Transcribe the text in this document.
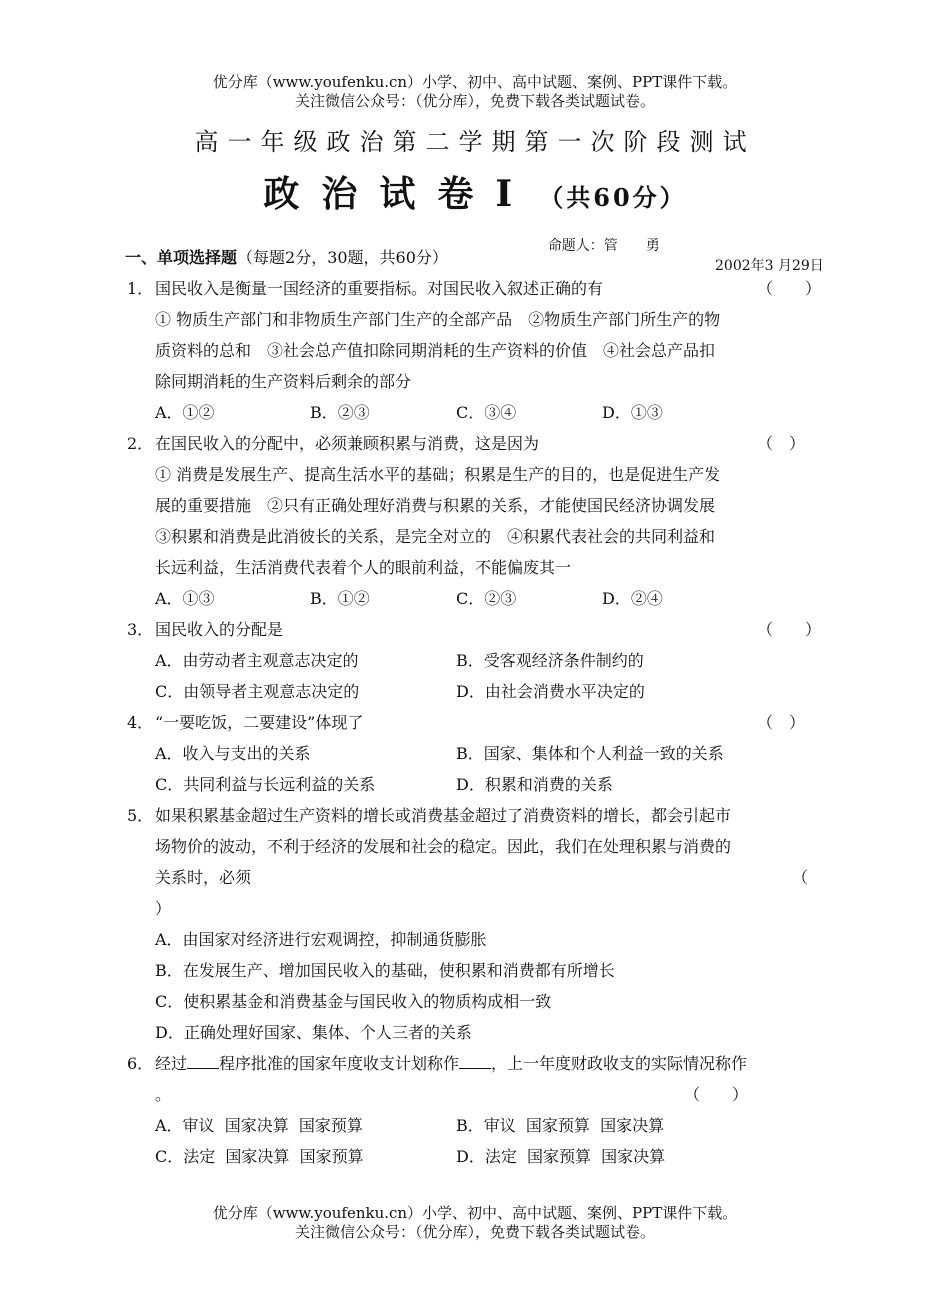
优分库（www.youfenku.cn）小学、初中、高中试题、案例、PPT课件下载。
关注微信公众号：（优分库），免费下载各类试题试卷。
高一年级政治第二学期第一次阶段测试
政治试卷Ⅰ （共60分）

命题人：管　　勇

2002年3 月29日

一、单项选择题（每题2分，30题，共60分）
1． 国民收入是衡量一国经济的重要指标。对国民收入叙述正确的有	（　　）
① 物质生产部门和非物质生产部门生产的全部产品　②物质生产部门所生产的物
质资料的总和　③社会总产值扣除同期消耗的生产资料的价值　④社会总产品扣
除同期消耗的生产资料后剩余的部分
A．①②	B．②③	C．③④	D．①③
2． 在国民收入的分配中，必须兼顾积累与消费，这是因为	（　）
① 消费是发展生产、提高生活水平的基础；积累是生产的目的，也是促进生产发
展的重要措施　②只有正确处理好消费与积累的关系，才能使国民经济协调发展
③积累和消费是此消彼长的关系，是完全对立的　④积累代表社会的共同利益和
长远利益，生活消费代表着个人的眼前利益，不能偏废其一
A．①③	B．①②	C．②③	D．②④
3． 国民收入的分配是	（　　）
A．由劳动者主观意志决定的	B．受客观经济条件制约的
C．由领导者主观意志决定的	D．由社会消费水平决定的
4． “一要吃饭，二要建设”体现了	（　）
A．收入与支出的关系	B．国家、集体和个人利益一致的关系
C．共同利益与长远利益的关系	D．积累和消费的关系
5． 如果积累基金超过生产资料的增长或消费基金超过了消费资料的增长，都会引起市
场物价的波动，不利于经济的发展和社会的稳定。因此，我们在处理积累与消费的
关系时，必须	（
）
A．由国家对经济进行宏观调控，抑制通货膨胀
B．在发展生产、增加国民收入的基础，使积累和消费都有所增长
C．使积累基金和消费基金与国民收入的物质构成相一致
D．正确处理好国家、集体、个人三者的关系
6． 经过 程序批准的国家年度收支计划称作 ，上一年度财政收支的实际情况称作
。	（　　）
A．审议  国家决算  国家预算	B．审议  国家预算  国家决算
C．法定  国家决算  国家预算	D．法定  国家预算  国家决算
优分库（www.youfenku.cn）小学、初中、高中试题、案例、PPT课件下载。
关注微信公众号：（优分库），免费下载各类试题试卷。
